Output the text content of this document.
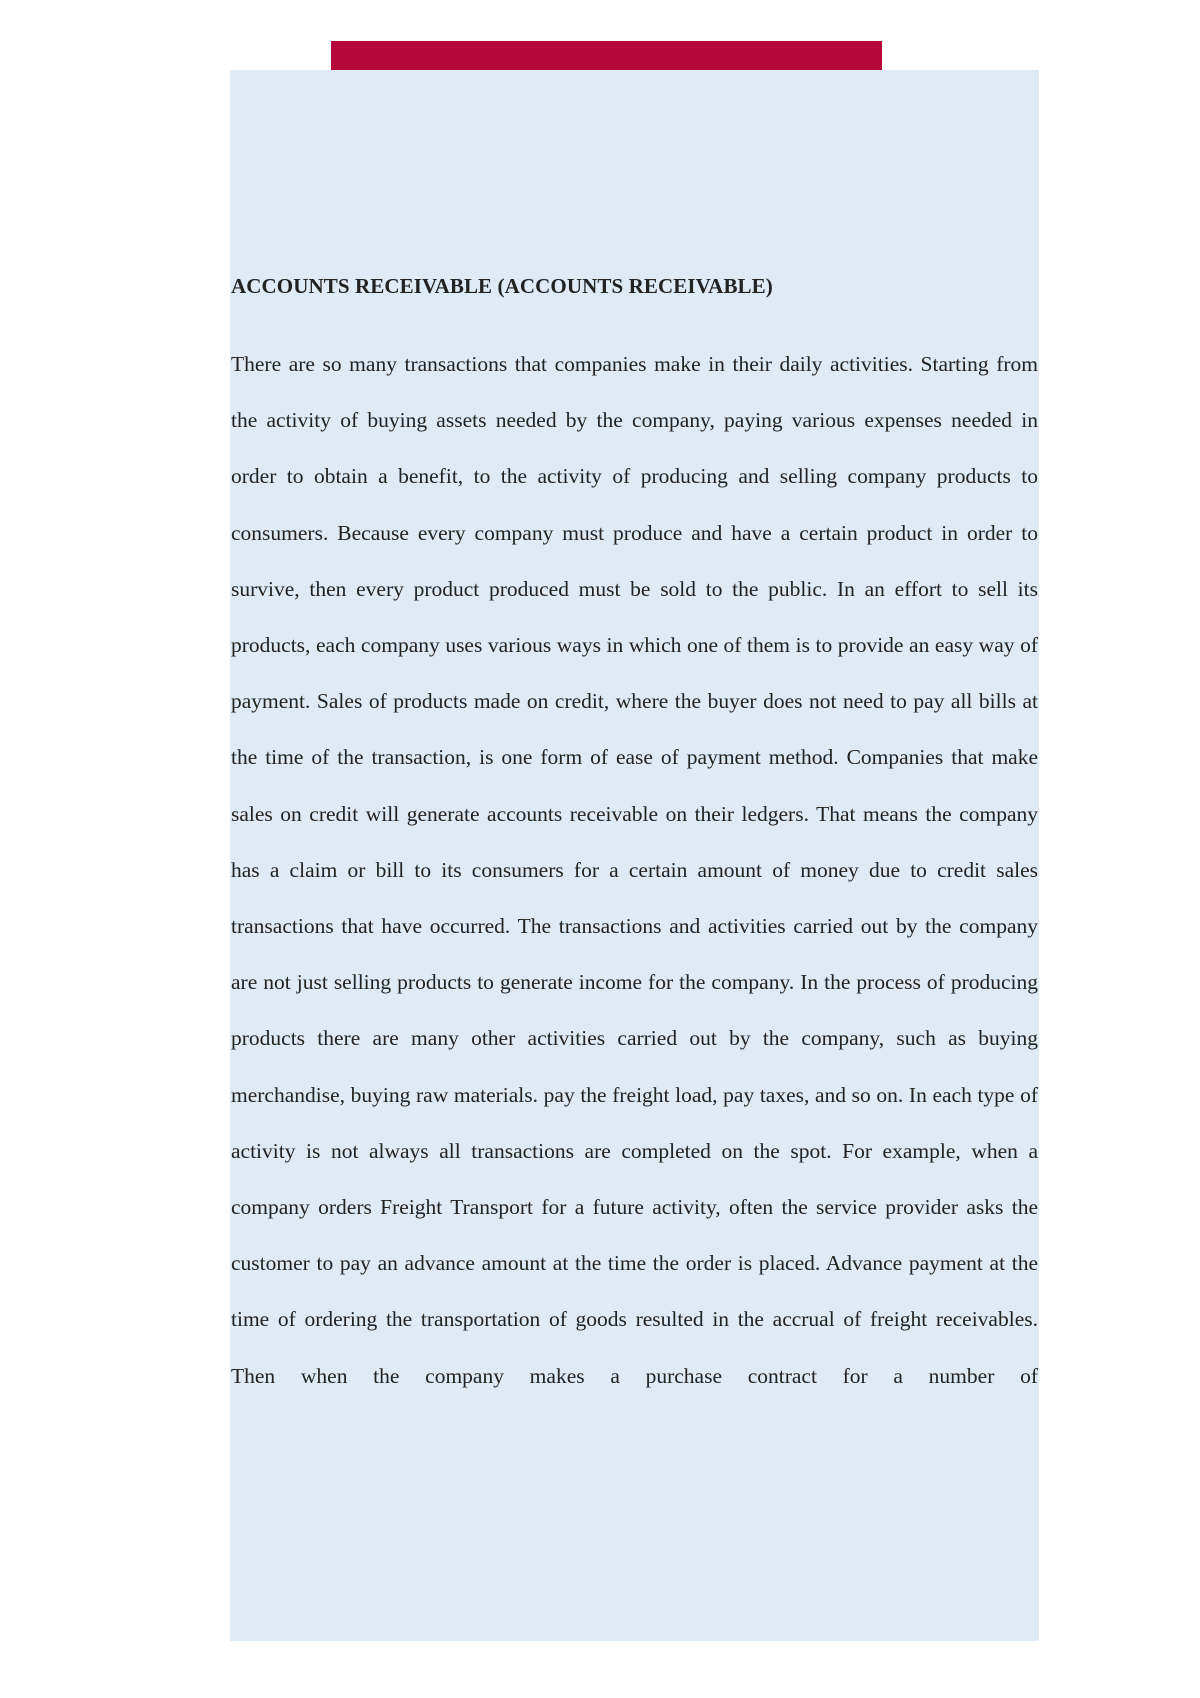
ACCOUNTS RECEIVABLE (ACCOUNTS RECEIVABLE)

There are so many transactions that companies make in their daily activities. Starting from the activity of buying assets needed by the company, paying various expenses needed in order to obtain a benefit, to the activity of producing and selling company products to consumers. Because every company must produce and have a certain product in order to survive, then every product produced must be sold to the public. In an effort to sell its products, each company uses various ways in which one of them is to provide an easy way of payment. Sales of products made on credit, where the buyer does not need to pay all bills at the time of the transaction, is one form of ease of payment method. Companies that make sales on credit will generate accounts receivable on their ledgers. That means the company has a claim or bill to its consumers for a certain amount of money due to credit sales transactions that have occurred. The transactions and activities carried out by the company are not just selling products to generate income for the company. In the process of producing products there are many other activities carried out by the company, such as buying merchandise, buying raw materials. pay the freight load, pay taxes, and so on. In each type of activity is not always all transactions are completed on the spot. For example, when a company orders Freight Transport for a future activity, often the service provider asks the customer to pay an advance amount at the time the order is placed. Advance payment at the time of ordering the transportation of goods resulted in the accrual of freight receivables. Then when the company makes a purchase contract for a number of
